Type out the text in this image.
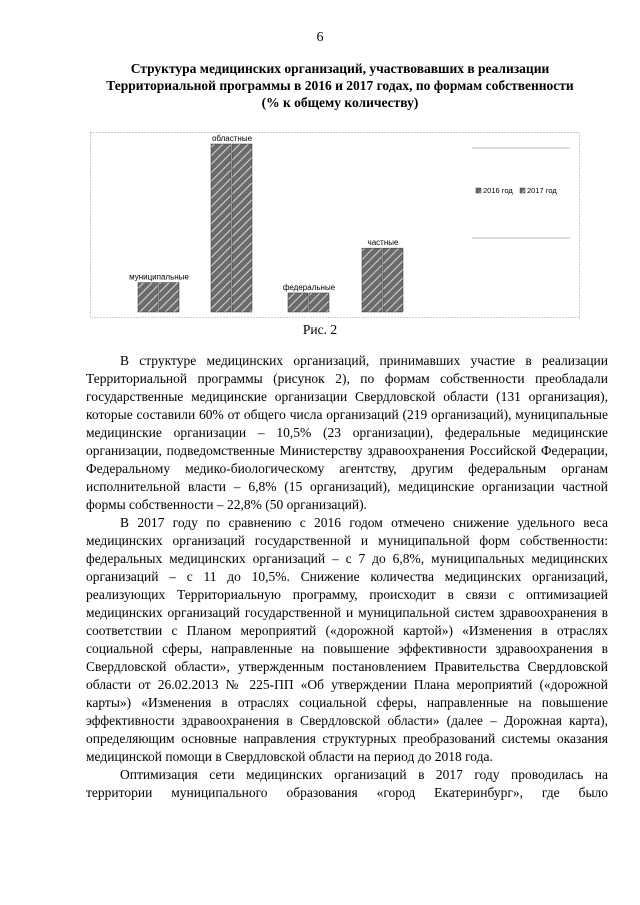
6
Структура медицинских организаций, участвовавших в реализации
Территориальной программы в 2016 и 2017 годах, по формам собственности
(% к общему количеству)
муниципальные
областные
федеральные
частные
2016 год 2017 год
Рис. 2

В структуре медицинских организаций, принимавших участие в реализации Территориальной программы (рисунок 2), по формам собственности преобладали государственные медицинские организации Свердловской области (131 организация), которые составили 60% от общего числа организаций (219 организаций), муниципальные медицинские организации – 10,5% (23 организации), федеральные медицинские организации, подведомственные Министерству здравоохранения Российской Федерации, Федеральному медико-биологическому агентству, другим федеральным органам исполнительной власти – 6,8% (15 организаций), медицинские организации частной формы собственности – 22,8% (50 организаций).

В 2017 году по сравнению с 2016 годом отмечено снижение удельного веса медицинских организаций государственной и муниципальной форм собственности: федеральных медицинских организаций – с 7 до 6,8%, муниципальных медицинских организаций – с 11 до 10,5%. Снижение количества медицинских организаций, реализующих Территориальную программу, происходит в связи с оптимизацией медицинских организаций государственной и муниципальной систем здравоохранения в соответствии с Планом мероприятий («дорожной картой») «Изменения в отраслях социальной сферы, направленные на повышение эффективности здравоохранения в Свердловской области», утвержденным постановлением Правительства Свердловской области от 26.02.2013 № 225-ПП «Об утверждении Плана мероприятий («дорожной карты») «Изменения в отраслях социальной сферы, направленные на повышение эффективности здравоохранения в Свердловской области» (далее – Дорожная карта), определяющим основные направления структурных преобразований системы оказания медицинской помощи в Свердловской области на период до 2018 года.

Оптимизация сети медицинских организаций в 2017 году проводилась на территории муниципального образования «город Екатеринбург», где было
